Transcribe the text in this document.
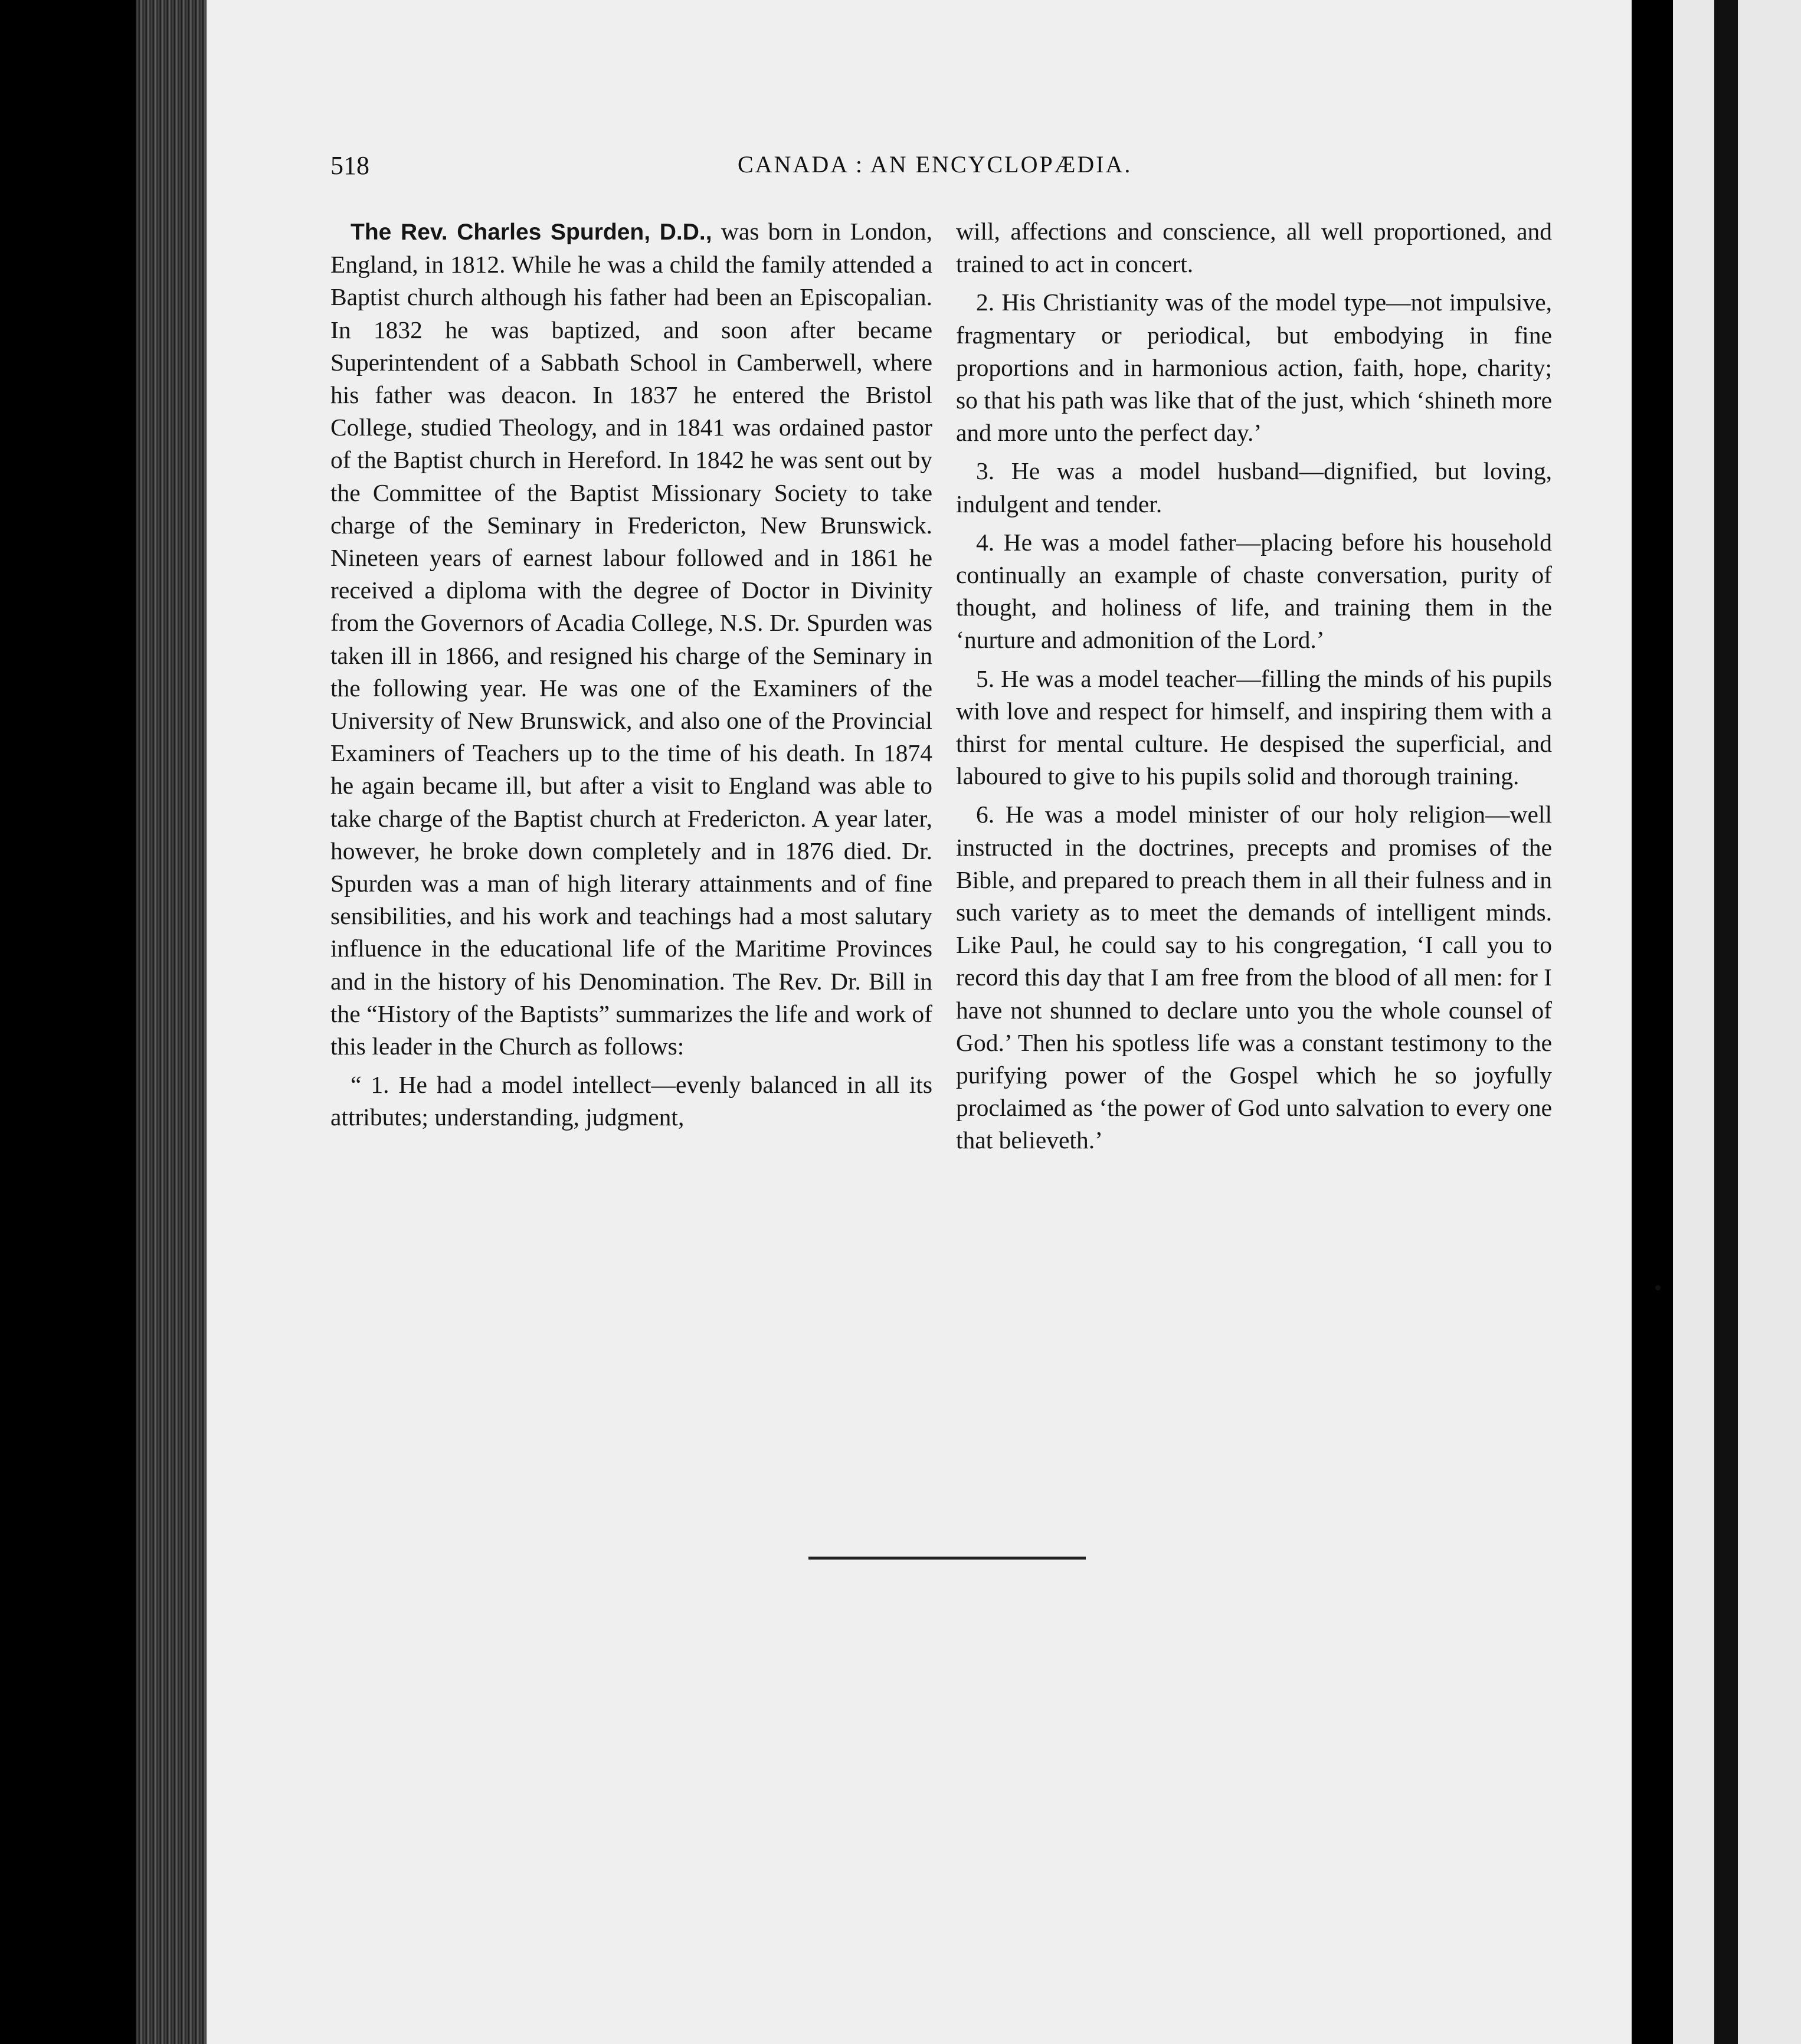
518	CANADA : AN ENCYCLOPÆDIA.

The Rev. Charles Spurden, D.D., was born in London, England, in 1812. While he was a child the family attended a Baptist church although his father had been an Episcopalian. In 1832 he was baptized, and soon after became Superintendent of a Sabbath School in Camberwell, where his father was deacon. In 1837 he entered the Bristol College, studied Theology, and in 1841 was ordained pastor of the Baptist church in Hereford. In 1842 he was sent out by the Committee of the Baptist Missionary Society to take charge of the Seminary in Fredericton, New Brunswick. Nineteen years of earnest labour followed and in 1861 he received a diploma with the degree of Doctor in Divinity from the Governors of Acadia College, N.S. Dr. Spurden was taken ill in 1866, and resigned his charge of the Seminary in the following year. He was one of the Examiners of the University of New Brunswick, and also one of the Provincial Examiners of Teachers up to the time of his death. In 1874 he again became ill, but after a visit to England was able to take charge of the Baptist church at Fredericton. A year later, however, he broke down completely and in 1876 died. Dr. Spurden was a man of high literary attainments and of fine sensibilities, and his work and teachings had a most salutary influence in the educational life of the Maritime Provinces and in the history of his Denomination. The Rev. Dr. Bill in the “History of the Baptists” summarizes the life and work of this leader in the Church as follows:

“ 1. He had a model intellect—evenly balanced in all its attributes; understanding, judgment,

will, affections and conscience, all well proportioned, and trained to act in concert.

2. His Christianity was of the model type—not impulsive, fragmentary or periodical, but embodying in fine proportions and in harmonious action, faith, hope, charity; so that his path was like that of the just, which ‘shineth more and more unto the perfect day.’

3. He was a model husband—dignified, but loving, indulgent and tender.

4. He was a model father—placing before his household continually an example of chaste conversation, purity of thought, and holiness of life, and training them in the ‘nurture and admonition of the Lord.’

5. He was a model teacher—filling the minds of his pupils with love and respect for himself, and inspiring them with a thirst for mental culture. He despised the superficial, and laboured to give to his pupils solid and thorough training.

6. He was a model minister of our holy religion—well instructed in the doctrines, precepts and promises of the Bible, and prepared to preach them in all their fulness and in such variety as to meet the demands of intelligent minds. Like Paul, he could say to his congregation, ‘I call you to record this day that I am free from the blood of all men: for I have not shunned to declare unto you the whole counsel of God.’ Then his spotless life was a constant testimony to the purifying power of the Gospel which he so joyfully proclaimed as ‘the power of God unto salvation to every one that believeth.’
